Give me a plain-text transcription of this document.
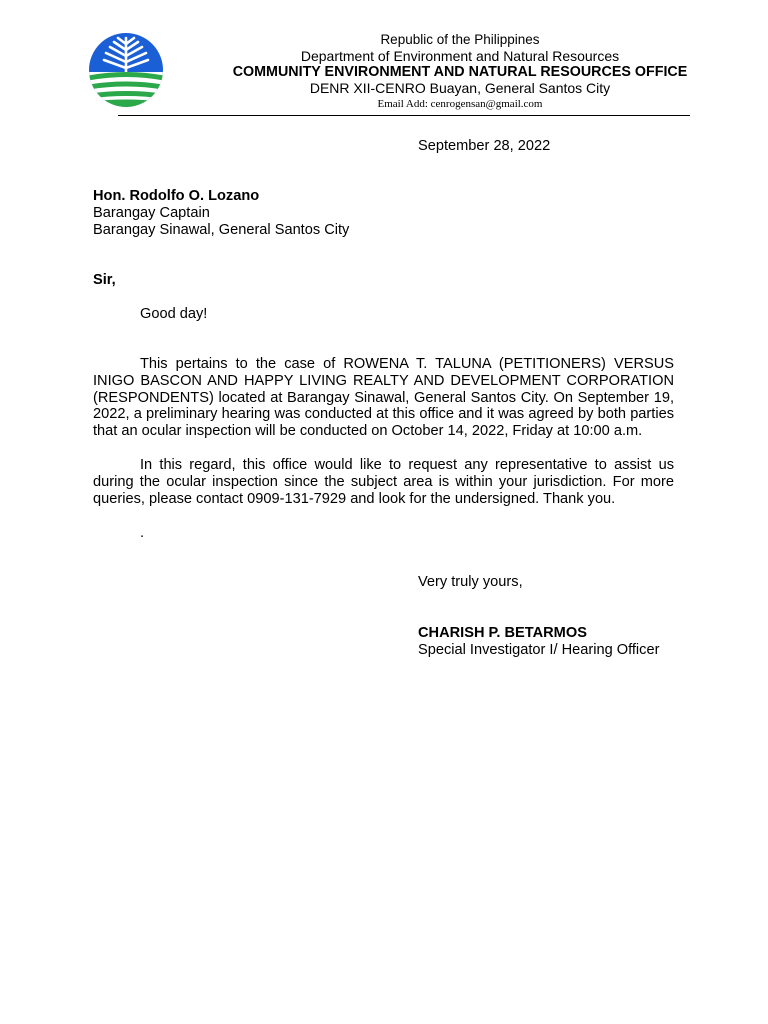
Republic of the Philippines
Department of Environment and Natural Resources
COMMUNITY ENVIRONMENT AND NATURAL RESOURCES OFFICE
DENR XII-CENRO Buayan, General Santos City
Email Add: cenrogensan@gmail.com
September 28, 2022
Hon. Rodolfo O. Lozano
Barangay Captain
Barangay Sinawal, General Santos City
Sir,
Good day!
This pertains to the case of ROWENA T. TALUNA (PETITIONERS) VERSUS INIGO BASCON AND HAPPY LIVING REALTY AND DEVELOPMENT CORPORATION (RESPONDENTS) located at Barangay Sinawal, General Santos City. On September 19, 2022, a preliminary hearing was conducted at this office and it was agreed by both parties that an ocular inspection will be conducted on October 14, 2022, Friday at 10:00 a.m.
In this regard, this office would like to request any representative to assist us during the ocular inspection since the subject area is within your jurisdiction. For more queries, please contact 0909-131-7929 and look for the undersigned. Thank you.
.
Very truly yours,
CHARISH P. BETARMOS
Special Investigator I/ Hearing Officer
